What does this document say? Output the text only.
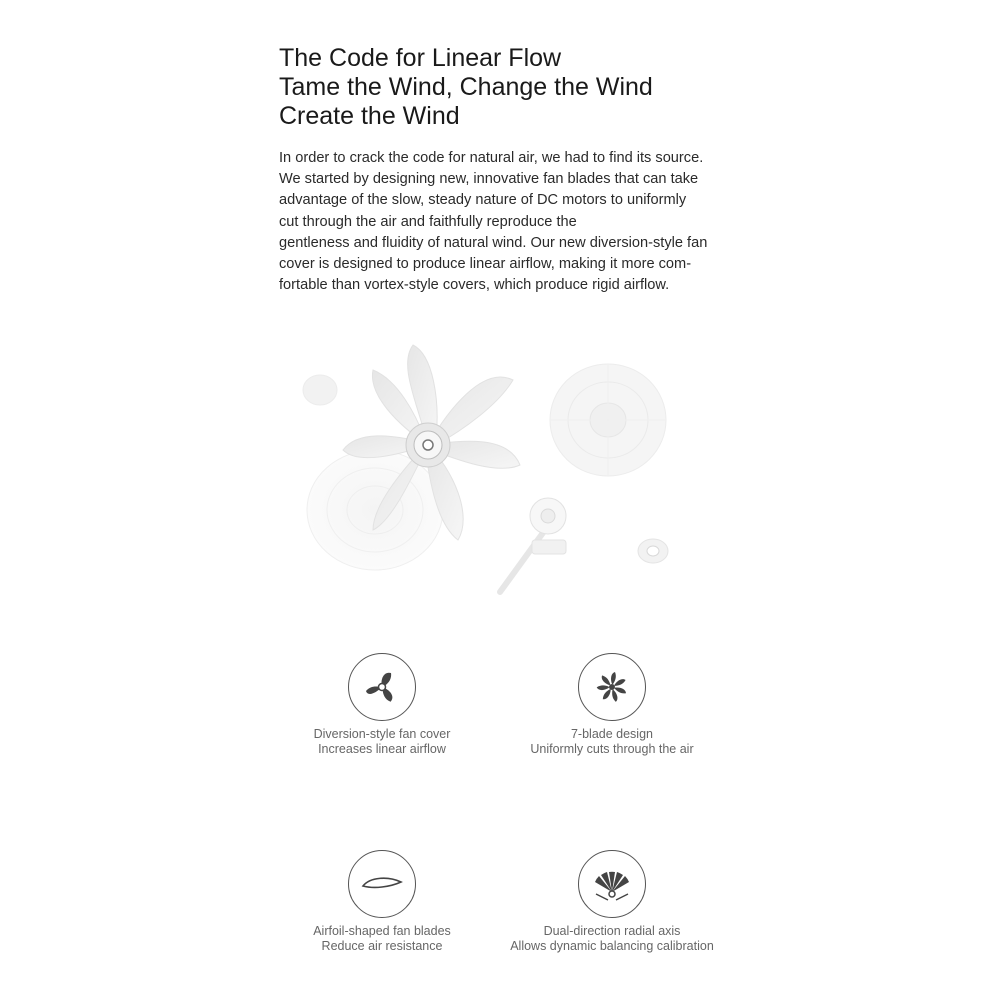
The Code for Linear Flow
Tame the Wind, Change the Wind
Create the Wind

In order to crack the code for natural air, we had to find its source.
We started by designing new, innovative fan blades that can take
advantage of the slow, steady nature of DC motors to uniformly
cut through the air and faithfully reproduce the
gentleness and fluidity of natural wind. Our new diversion-style fan
cover is designed to produce linear airflow, making it more com-
fortable than vortex-style covers, which produce rigid airflow.

Diversion-style fan cover
Increases linear airflow
7-blade design
Uniformly cuts through the air
Airfoil-shaped fan blades
Reduce air resistance
Dual-direction radial axis
Allows dynamic balancing calibration
